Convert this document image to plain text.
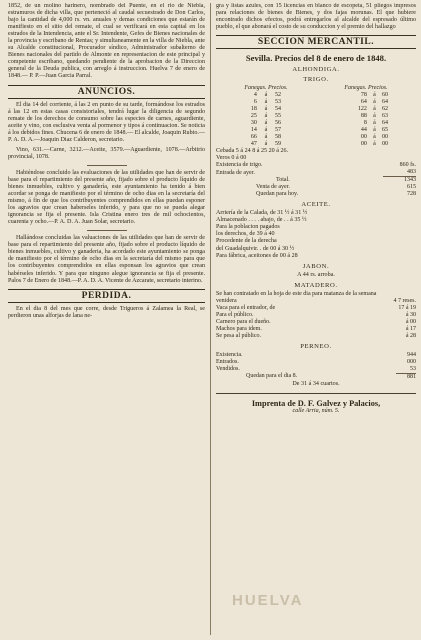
1852, de un molino harinero, nombrado del Puente, en el rio de Niebla, estramuros de dicha villa, que perteneció al caudal secuestrado de Don Carlos, bajo la cantidad de 4,000 rs. vn. anuales y demas condiciones que estarán de manifiesto en el sitio del remate, el cual se verificará en esta capital en los estrados de la Intendencia, ante el Sr. Intendente, Gefes de Bienes nacionales de la provincia y escribano de Rentas; y simultaneamente en la villa de Niebla, ante su Alcalde constitucional, Procurador síndico, Administrador subalterno de Bienes nacionales del partido de Almonte en representacion de este principal y competente escribano, quedando pendiente de la aprobacion de la Direccion general de la Deuda publica, con arreglo á instruccion. Huelva 7 de enero de 1848.— P. P.—Juan Garcia Parral.

ANUNCIOS.

El dia 14 del corriente, á las 2 en punto de su tarde, formándose los estrados á las 12 en estas casas consistoriales, tendrá lugar la diligencia de segundo remate de los derechos de consumo sobre las especies de carnes, aguardiente, aceite y vino, con esclusiva venta al pormenor y tipos á continuacion. Se noticia á los debidos fines. Chucena 6 de enero de 1848.— El alcalde, Joaquin Rubio.—P. A. D. A.—Joaquin Diaz Calderon, secretario.

Vino, 631.—Carne, 3212.—Aceite, 3579.—Aguardiente, 1078.—Arbitrio provincial, 1078.

Habiéndose concluido las evaluaciones de las utilidades que han de servir de base para el repartimiento del presente año, fijado sobre el producto líquido de bienes inmuebles, cultivo y ganadería, este ayuntamiento ha tenido á bien acordar se ponga de manifiesto por el término de ocho dias en la secretaría del mismo, á fin de que los contribuyentes comprendidos en ellas puedan esponer los agravios que crean haberseles inferido, y para que no se pueda alegar ignorancia se fija el presente. Isla Cristina enero tres de mil ochocientos, cuarenta y ocho.—P. A. D. A. Juan Solar, secretario.

Hallándose concluidas las valuaciones de las utilidades que han de servir de base para el repartimiento del presente año, fijado sobre el producto líquido de bienes inmuebles, cultivo y ganaderia, ha acordado este ayuntamiento se ponga de manifiesto por el término de ocho dias en la secretaría del mismo para que los contribuyentes comprendidos en ellas esponsan los agravios que crean habérseles inferido. Y para que ninguno alegue ignorancia se fija el presente. Palos 7 de Enero de 1848.—P. A. D. A. Vicente de Azcarate, secretario interino.

PERDIDA.

En el dia 8 del mes que corre, desde Trigueros á Zalamea la Real, se perdieron unas alforjas de lana ne-

gra y listas azules, con 15 licencias en blanco de escopeta, 51 pliegos impresos para relaciones de bienes de Bienes, y dos fajas morunas. El que hubiere encontrado dichos efectos, podrá entregarlos al alcalde del espresado último pueblo, el que abonará el costo de su conduccion y el premio del hallazgo

SECCION MERCANTIL.
Sevilla. Precios del 8 de enero de 1848.
ALHONDIGA.
TRIGO.
Fanegas. Precios.			Fanegas. Precios.		
4	á	52	78	á	60
6	á	53	64	á	64
18	á	54	122	á	62
25	á	55	88	á	63
30	á	56	8	á	64
14	á	57	44	á	65
66	á	58	00	á	00
47	á	59	00	á	00

Cebada 5 á 24 8 á 25 20 á 26.

Veros 0 á 00

Existencia de trigo.	860 fs.
Entrada de ayer.	483
Total.	1343
Venta de ayer.	615
Quedan para hoy.	728
ACEITE.

Arriería de la Calada, de 31 ½ á 31 ½

Almacenado . . . . abajo, de . . á 35 ½

Para la poblacion pagados

los derechos, de 39 á 40

Procedente de la derecha

del Guadalquivir. . de 00 á 30 ½

Para fábrica, aceitones de 00 á 28

JABON.

A 44 rs. arroba.

MATADERO.
Se han contratado en la hoja de este dia para matanza de la semana venidera	4 7 reses.
Vaca para el entrador, de	17 á 19
Para el público.	á 30
Carnero para el dueño.	á 00
Machos para idem.	á 17
Se pesa al público.	á 28
PERNEO.
Existencia.	944
Entrados.	000
Vendidos.	53
Quedan para el dia 8.	881

De 31 á 34 cuartos.

Imprenta de D. F. Galvez y Palacios,
calle Arria, núm. 5.
HUELVA
